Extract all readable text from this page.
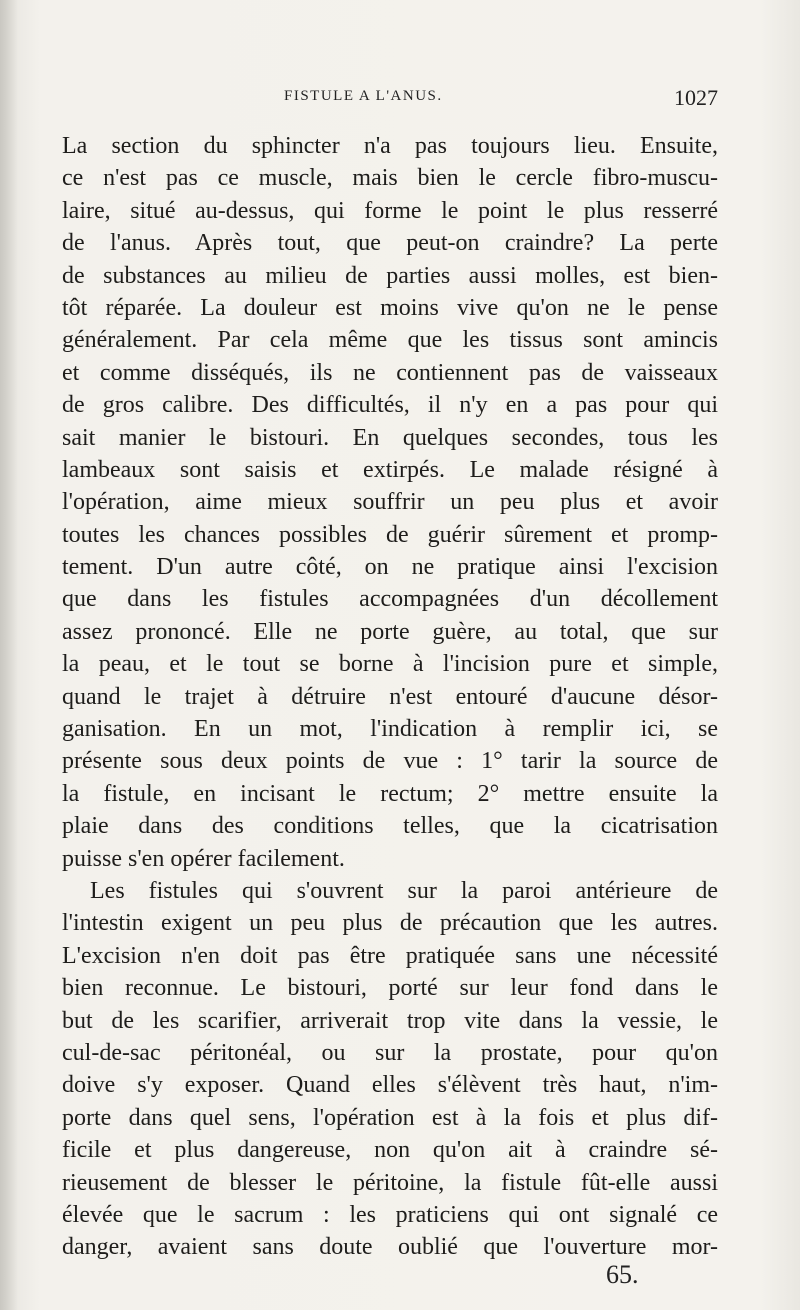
FISTULE A L'ANUS.	1027
La section du sphincter n'a pas toujours lieu. Ensuite,
ce n'est pas ce muscle, mais bien le cercle fibro-muscu-
laire, situé au-dessus, qui forme le point le plus resserré
de l'anus. Après tout, que peut-on craindre? La perte
de substances au milieu de parties aussi molles, est bien-
tôt réparée. La douleur est moins vive qu'on ne le pense
généralement. Par cela même que les tissus sont amincis
et comme disséqués, ils ne contiennent pas de vaisseaux
de gros calibre. Des difficultés, il n'y en a pas pour qui
sait manier le bistouri. En quelques secondes, tous les
lambeaux sont saisis et extirpés. Le malade résigné à
l'opération, aime mieux souffrir un peu plus et avoir
toutes les chances possibles de guérir sûrement et promp-
tement. D'un autre côté, on ne pratique ainsi l'excision
que dans les fistules accompagnées d'un décollement
assez prononcé. Elle ne porte guère, au total, que sur
la peau, et le tout se borne à l'incision pure et simple,
quand le trajet à détruire n'est entouré d'aucune désor-
ganisation. En un mot, l'indication à remplir ici, se
présente sous deux points de vue : 1° tarir la source de
la fistule, en incisant le rectum; 2° mettre ensuite la
plaie dans des conditions telles, que la cicatrisation
puisse s'en opérer facilement.
Les fistules qui s'ouvrent sur la paroi antérieure de
l'intestin exigent un peu plus de précaution que les autres.
L'excision n'en doit pas être pratiquée sans une nécessité
bien reconnue. Le bistouri, porté sur leur fond dans le
but de les scarifier, arriverait trop vite dans la vessie, le
cul-de-sac péritonéal, ou sur la prostate, pour qu'on
doive s'y exposer. Quand elles s'élèvent très haut, n'im-
porte dans quel sens, l'opération est à la fois et plus dif-
ficile et plus dangereuse, non qu'on ait à craindre sé-
rieusement de blesser le péritoine, la fistule fût-elle aussi
élevée que le sacrum : les praticiens qui ont signalé ce
danger, avaient sans doute oublié que l'ouverture mor-
65.
